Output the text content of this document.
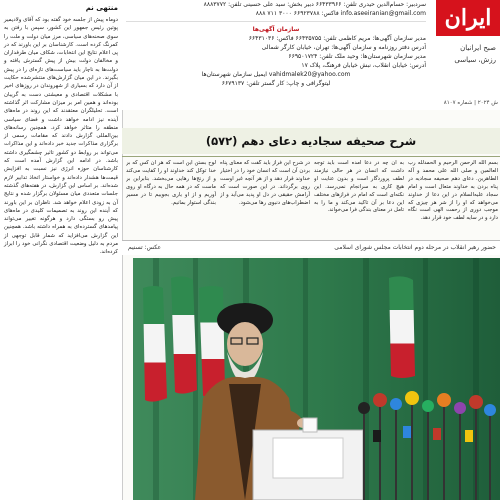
منتهی نم
دوماه پیش از جلسه خود گفته بود که آقای ولادیمیر پوتین رئیس جمهور این کشور، سپس با رفتن به سوی صحنه‌های سیاسی، مرز میان دولت و ملت را کمرنگ کرده است. کارشناسان بر این باورند که در پی اعلام نتایج این انتخابات، شکاف میان طرفداران و مخالفان دولت بیش از پیش گسترش یافته و دولت‌ها به ناچار باید سیاست‌های تازه‌ای را در پیش بگیرند. در این میان گزارش‌های منتشرشده حکایت از آن دارد که بسیاری از شهروندان در روزهای اخیر با مشکلات اقتصادی و معیشتی دست به گریبان بوده‌اند و همین امر بر میزان مشارکت اثر گذاشته است. تحلیلگران معتقدند که این روند در ماه‌های آینده نیز ادامه خواهد داشت و فضای سیاسی منطقه را متاثر خواهد کرد. همچنین رسانه‌های بین‌المللی گزارش دادند که مقامات رسمی از برگزاری مذاکرات جدید خبر داده‌اند و این مذاکرات می‌تواند بر روابط دو کشور تاثیر چشمگیری داشته باشد. در ادامه این گزارش آمده است که کارشناسان حوزه انرژی نیز نسبت به افزایش قیمت‌ها هشدار داده‌اند و خواستار اتخاذ تدابیر لازم شده‌اند. بر اساس این گزارش، در هفته‌های گذشته جلسات متعددی میان مسئولان برگزار شده و نتایج آن به زودی اعلام خواهد شد. ناظران بر این باورند که آینده این روند به تصمیمات کلیدی در ماه‌های پیش رو بستگی دارد و هرگونه تغییر می‌تواند پیامدهای گسترده‌ای به همراه داشته باشد. همچنین این گزارش می‌افزاید که شمار قابل توجهی از مردم به دلیل وضعیت اقتصادی نگرانی خود را ابراز کرده‌اند.
ایران
صبح ایرانیان
رزش، سیاسی
ش ۲۰۲۴ | شماره ۸۱۰۷
سردبیر: حسام‌الدین حیدری تلفن: ۶۶۴۳۳۹۶۶ دبیر بخش: سید علی حسینی تلفن: ۸۸۸۳۷۷۲
info.aseeiranian@gmail.com فاکس: ۶۶۹۲۳۷۸۸ ۳۰۰۰ ۷۱۱ ۸۸۸
سازمان آگهی‌ها
مدیر سازمان آگهی‌ها: مریم کاظمی تلفن: ۶۶۴۳۵۷۵۵ فاکس: ۶۶۴۳۱۰۳۶
آدرس دفتر روزنامه و سازمان آگهی‌ها: تهران، خیابان کارگر شمالی
مدیر سازمان شهرستان‌ها: وحید ملک تلفن: ۶۶۹۵۰۱۷۲۴
آدرس: خیابان انقلاب، نبش خیابان فرهنگ، پلاک ۱۷
vahidmalek20@yahoo.com ایمیل سازمان شهرستان‌ها
لیتوگرافی و چاپ: کار گستر تلفن: ۶۶۷۹۱۳۷
شرح صحیفه سجادیه دعای دهم (۵۷۲)
بسم الله الرحمن الرحیم و الحمدلله رب العالمین و صلی الله علی محمد و آله الطاهرین. دعای دهم صحیفه سجادیه در پناه بردن به خداوند متعال است و امام سجاد علیه‌السلام در این دعا از خداوند می‌خواهد که او را از شر هر چیزی که موجب دوری از رحمت الهی است نگاه دارد و در سایه لطف خود قرار دهد.
به آن چه در دعا آمده است باید توجه داشت که انسان در هر حالی نیازمند لطف پروردگار است و بدون عنایت او هیچ کاری به سرانجام نمی‌رسد. این نکته‌ای است که امام در فرازهای مختلف این دعا بر آن تاکید می‌کند و ما را به تامل در معنای بندگی فرا می‌خواند.
در شرح این فراز باید گفت که معنای پناه بردن آن است که انسان خود را در اختیار خداوند قرار دهد و از هر آنچه غیر اوست روی برگرداند. در این صورت است که آرامش حقیقی در دل او پدید می‌آید و از اضطراب‌های دنیوی رها می‌شود.
لوح بستن این است که هر آن کس که بر خدا توکل کند خداوند او را کفایت می‌کند و از رنج‌ها رهایی می‌بخشد. بنابراین بر ماست که در همه حال به درگاه او روی آوریم و از او یاری بجوییم تا در مسیر بندگی استوار بمانیم.
حضور رهبر انقلاب در مرحله دوم انتخابات مجلس شورای اسلامی
عکس: تسنیم
